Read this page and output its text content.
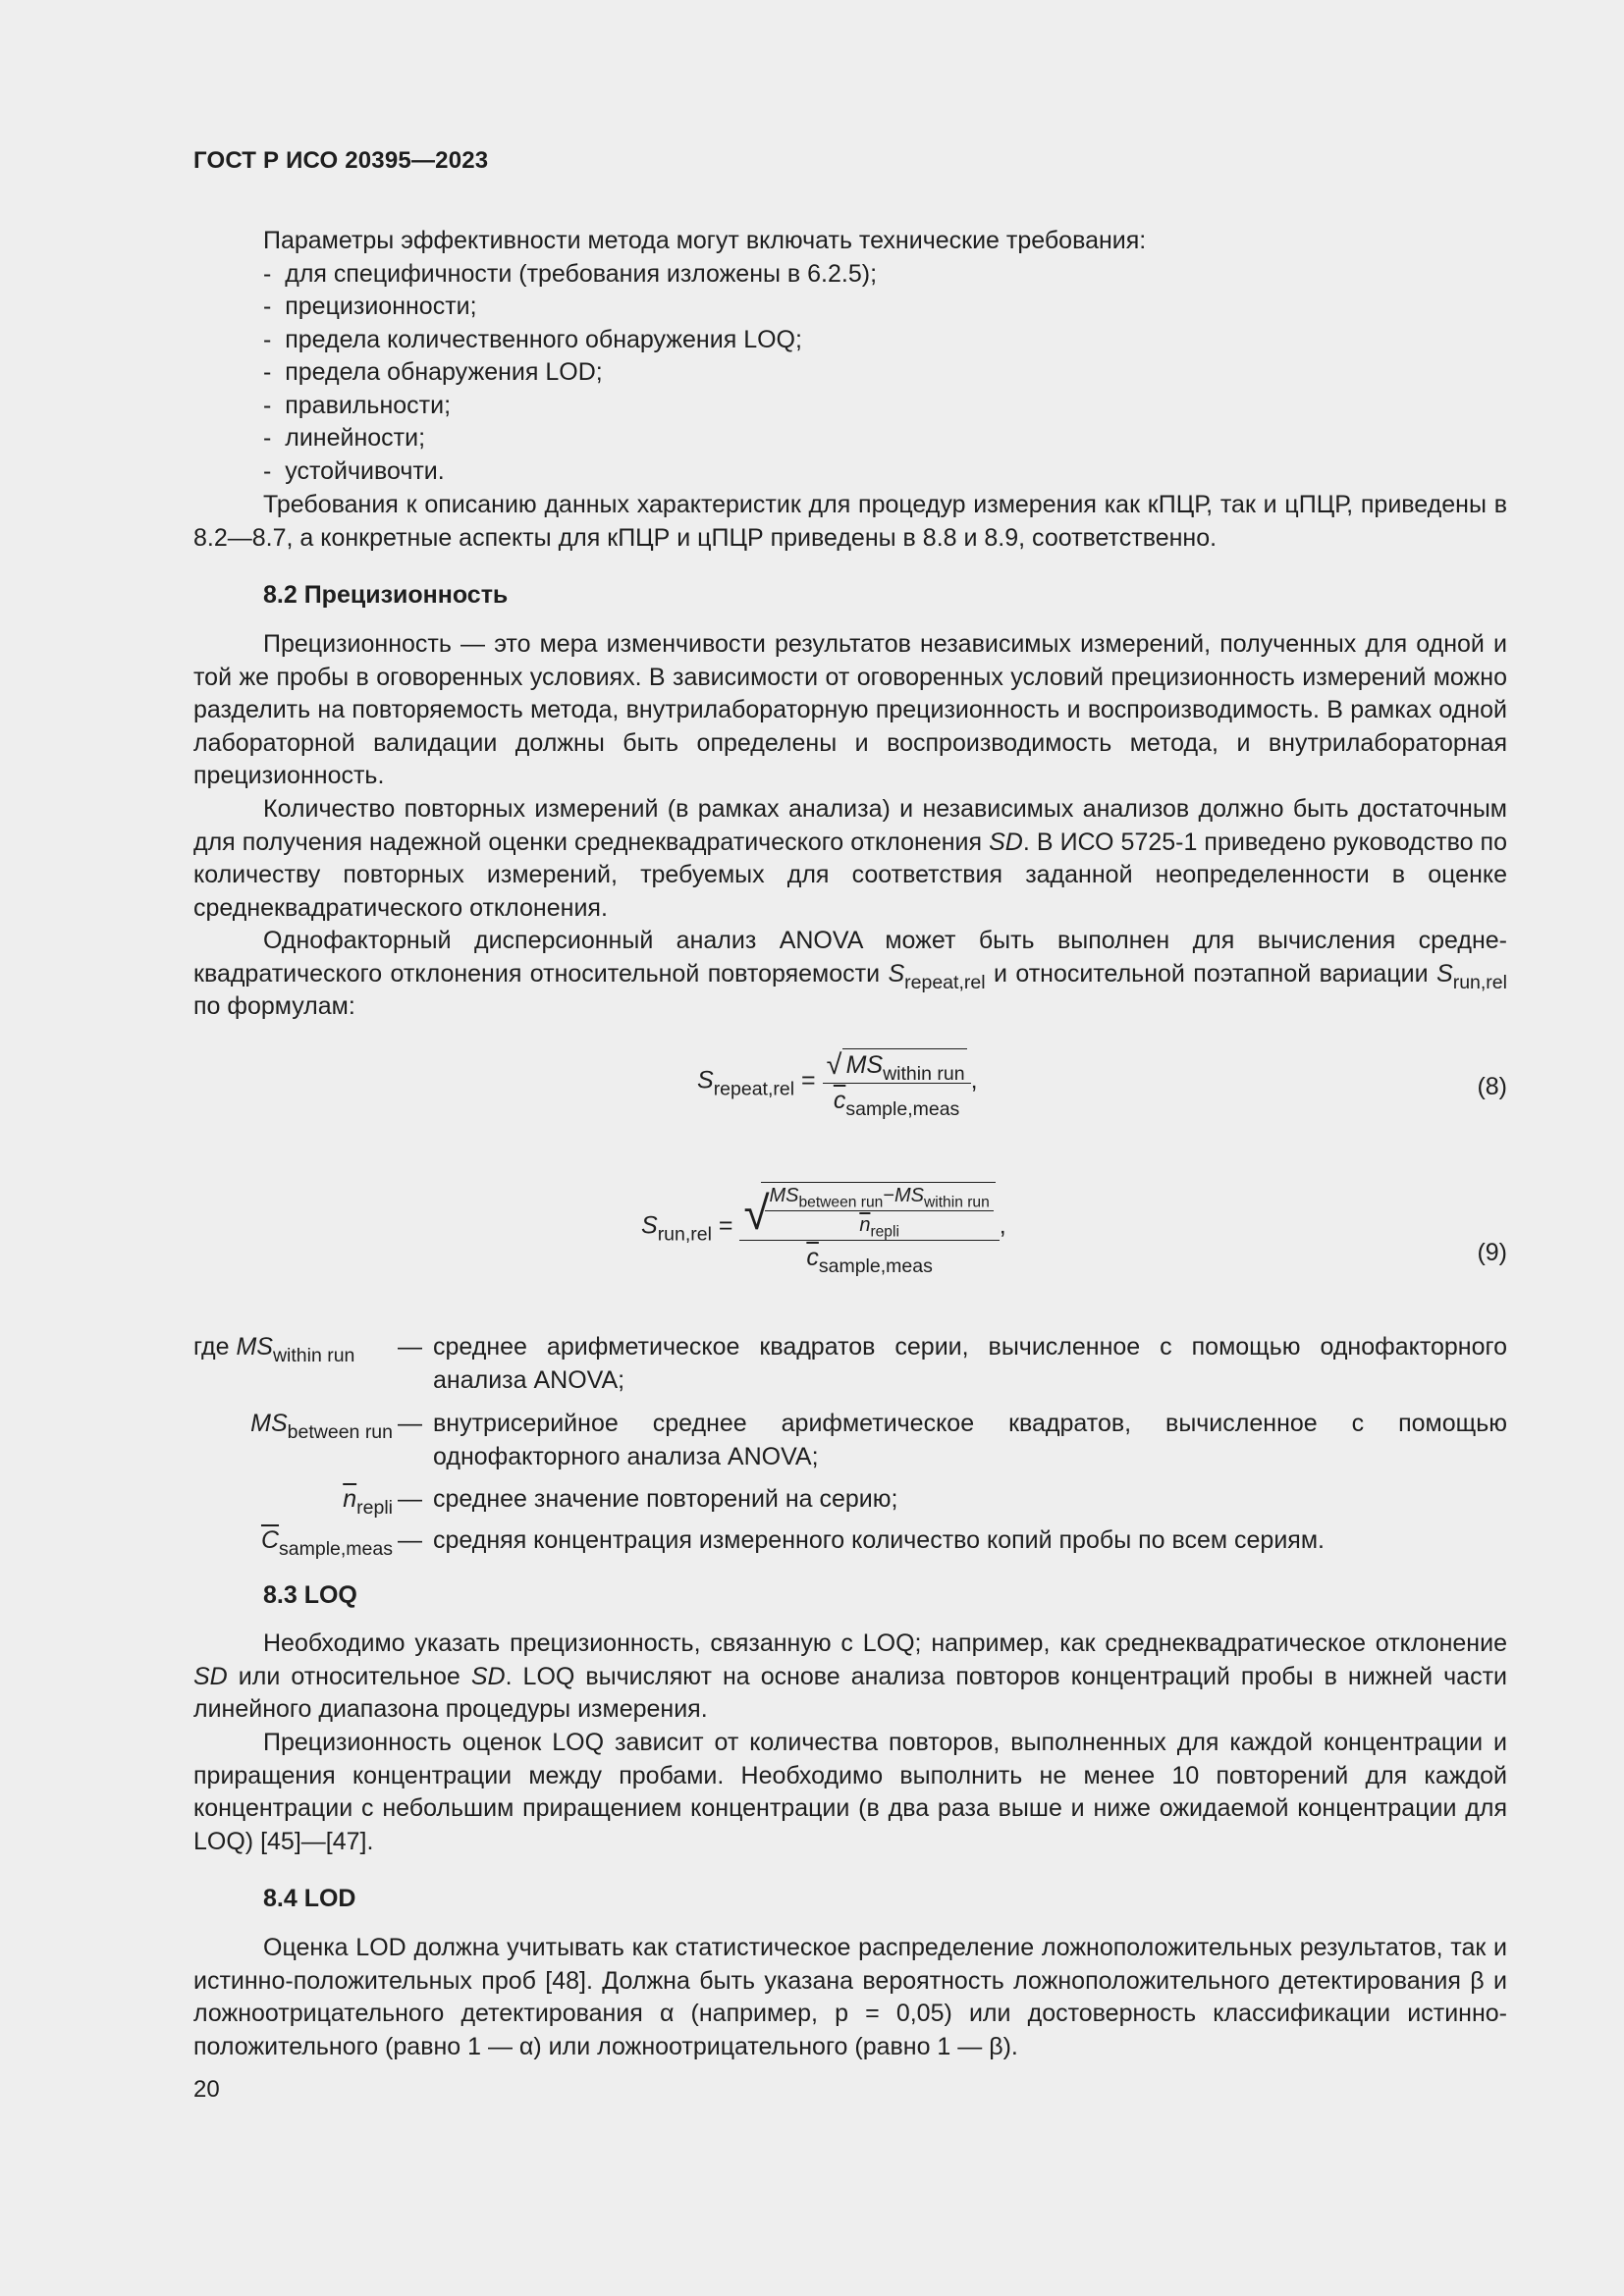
ГОСТ Р ИСО 20395—2023
Параметры эффективности метода могут включать технические требования:
- для специфичности (требования изложены в 6.2.5);
- прецизионности;
- предела количественного обнаружения LOQ;
- предела обнаружения LOD;
- правильности;
- линейности;
- устойчивочти.
Требования к описанию данных характеристик для процедур измерения как кПЦР, так и цПЦР, приведены в 8.2—8.7, а конкретные аспекты для кПЦР и цПЦР приведены в 8.8 и 8.9, соответственно.
8.2 Прецизионность
Прецизионность — это мера изменчивости результатов независимых измерений, полученных для одной и той же пробы в оговоренных условиях. В зависимости от оговоренных условий прецизионность измерений можно разделить на повторяемость метода, внутрилабораторную прецизионность и воспроизводимость. В рамках одной лабораторной валидации должны быть определены и воспроизводимость метода, и внутрилабораторная прецизионность.
Количество повторных измерений (в рамках анализа) и независимых анализов должно быть достаточным для получения надежной оценки среднеквадратического отклонения SD. В ИСО 5725-1 приведено руководство по количеству повторных измерений, требуемых для соответствия заданной неопределенности в оценке среднеквадратического отклонения.
Однофакторный дисперсионный анализ ANOVA может быть выполнен для вычисления среднеквадратического отклонения относительной повторяемости $S_{repeat,rel}$ и относительной поэтапной вариации $S_{run,rel}$ по формулам:
$S_{repeat,rel} = \frac{√ MS_{within run}}{\overline{c}_{sample,meas}}$ ,	(8)
$S_{run,rel}$ = √
$\frac{MS_{between run}-MS_{within run}}{\overline{n}_{repli}}$
$\overline{c}_{sample,meas}$ ,
(9)
где $MS_{within run}$	— среднее арифметическое квадратов серии, вычисленное с помощью однофакторного анализа ANOVA;
$MS_{between run}$ — внутрисерийное среднее арифметическое квадратов, вычисленное с помощью однофакторного анализа ANOVA;
$\overline{n}_{repli}$ — среднее значение повторений на серию;
$\overline{C}_{sample,meas}$ — средняя концентрация измеренного количество копий пробы по всем сериям.
8.3 LOQ
Необходимо указать прецизионность, связанную с LOQ; например, как среднеквадратическое отклонение SD или относительное SD. LOQ вычисляют на основе анализа повторов концентраций пробы в нижней части линейного диапазона процедуры измерения.
Прецизионность оценок LOQ зависит от количества повторов, выполненных для каждой концентрации и приращения концентрации между пробами. Необходимо выполнить не менее 10 повторений для каждой концентрации с небольшим приращением концентрации (в два раза выше и ниже ожидаемой концентрации для LOQ) [45]—[47].
8.4 LOD
Оценка LOD должна учитывать как статистическое распределение ложноположительных результатов, так и истинно-положительных проб [48]. Должна быть указана вероятность ложноположительного детектирования β и ложноотрицательного детектирования α (например, p = 0,05) или достоверность классификации истинно-положительного (равно 1 — α) или ложноотрицательного (равно 1 — β).
20
